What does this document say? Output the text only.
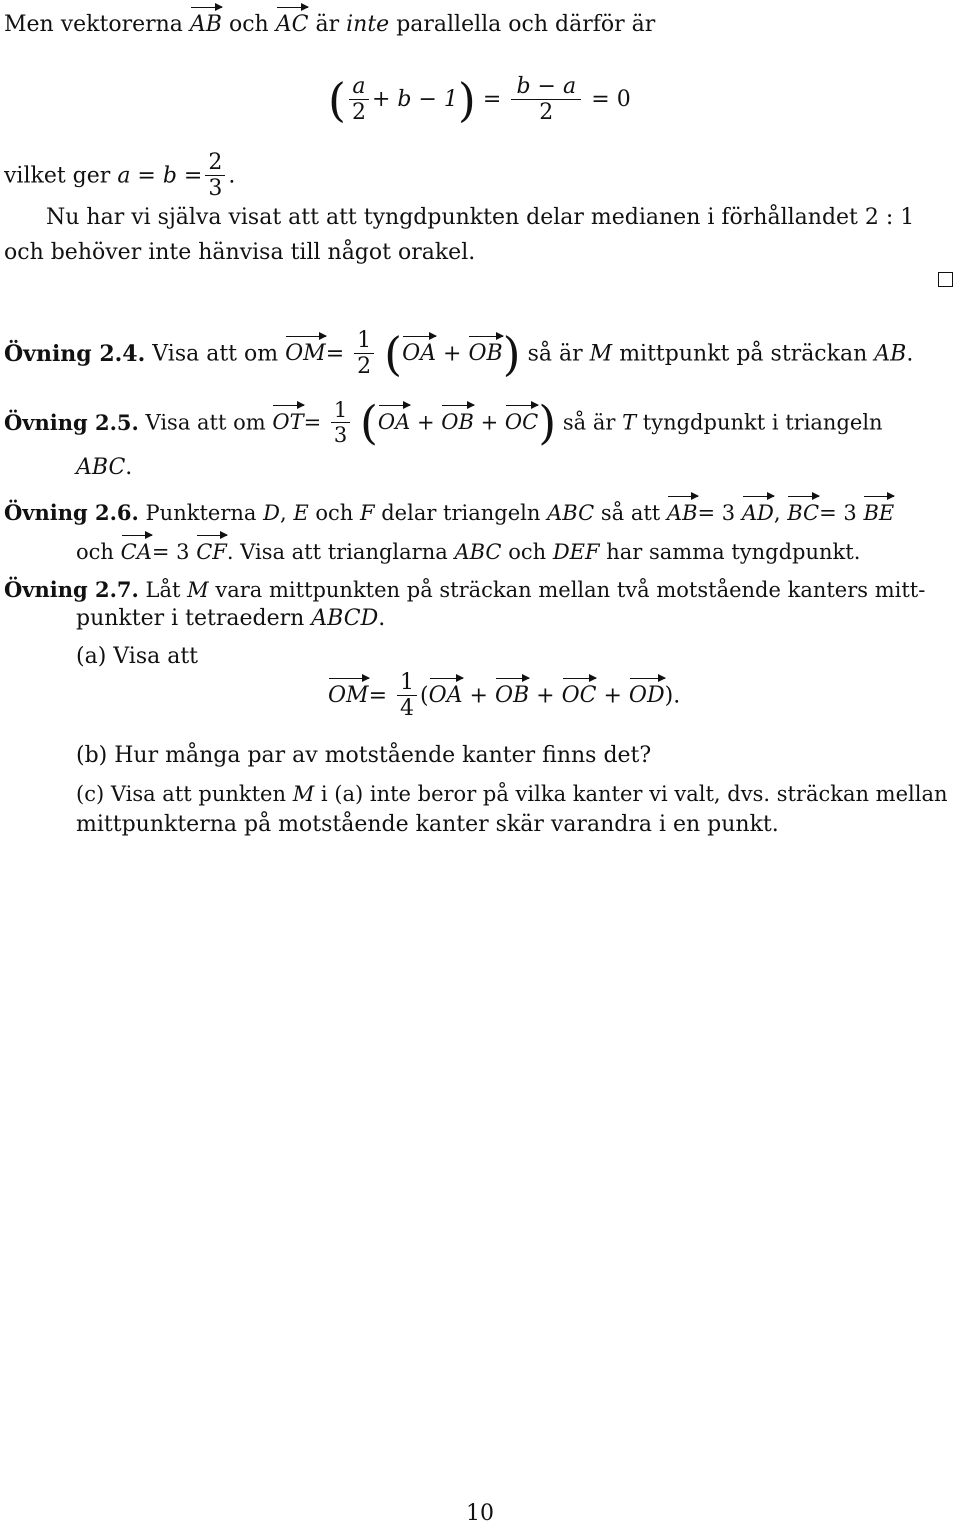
Men vektorerna AB och AC är inte parallella och därför är
( $\frac{a}{2} + b - 1) = \frac{b - a}{2} = 0$
vilket ger $a = b = \frac{2}{3}$ .
Nu har vi själva visat att att tyngdpunkten delar medianen i förhållandet 2 : 1
och behöver inte hänvisa till något orakel.
Övning 2.4. Visa att om $OM= \frac{1}{2} (OA + OB)$ så är M mittpunkt på sträckan AB.
Övning 2.5. Visa att om $OT= \frac{1}{3} (OA$ + OB + OC) så är T tyngdpunkt i triangeln
ABC.
Övning 2.6. Punkterna D, E och F delar triangeln ABC så att AB= 3 AD, BC= 3 BE
och CA= 3 CF. Visa att trianglarna ABC och DEF har samma tyngdpunkt.
Övning 2.7. Låt M vara mittpunkten på sträckan mellan två motstående kanters mitt-
punkter i tetraedern ABCD.
(a) Visa att
$OM= \frac{1}{4} (OA$ + OB + OC + OD).
(b) Hur många par av motstående kanter finns det?
(c) Visa att punkten M i (a) inte beror på vilka kanter vi valt, dvs. sträckan mellan
mittpunkterna på motstående kanter skär varandra i en punkt.
10
